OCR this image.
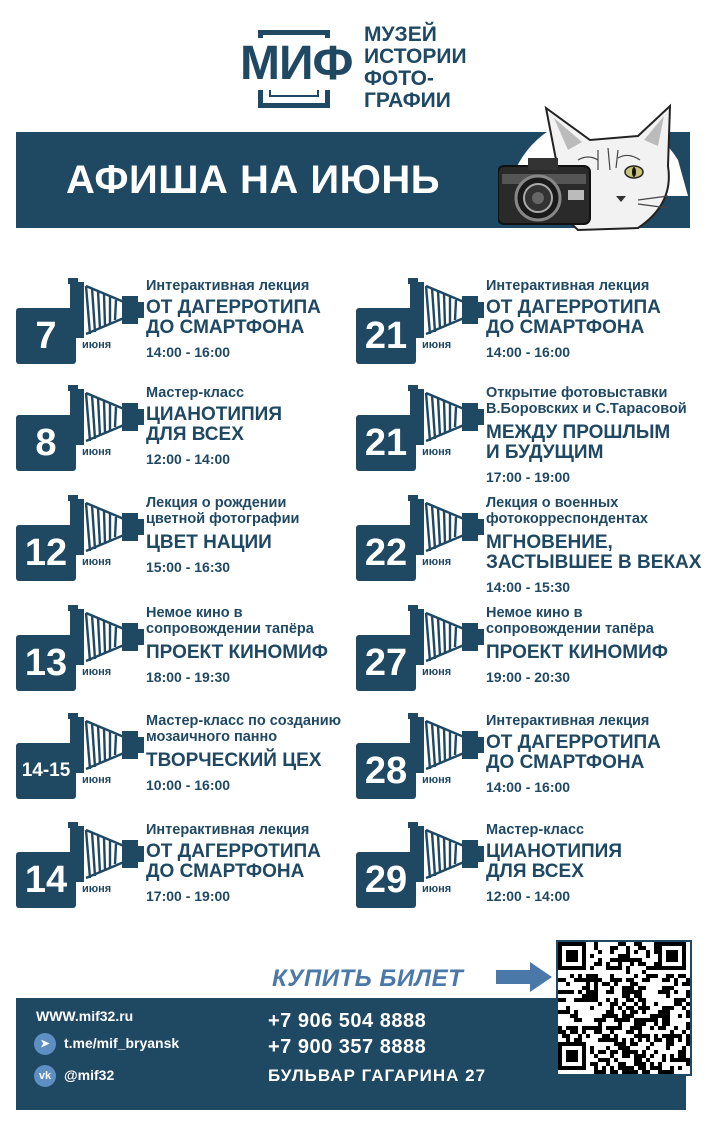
МИФ
МУЗЕЙ
ИСТОРИИ
ФОТО-
ГРАФИИ
АФИША НА ИЮНЬ
КУПИТЬ БИЛЕТ
WWW.mif32.ru
➤ t.me/mif_bryansk
vk @mif32
+7 906 504 8888
+7 900 357 8888
БУЛЬВАР ГАГАРИНА 27
7	июня
Интерактивная лекция
ОТ ДАГЕРРОТИПА
ДО СМАРТФОНА
14:00 - 16:00
8	июня
Мастер-класс
ЦИАНОТИПИЯ
ДЛЯ ВСЕХ
12:00 - 14:00
12	июня
Лекция о рождении
цветной фотографии
ЦВЕТ НАЦИИ
15:00 - 16:30
13	июня
Немое кино в
сопровождении тапёра
ПРОЕКТ КИНОМИФ
18:00 - 19:30
14-15	июня
Мастер-класс по созданию
мозаичного панно
ТВОРЧЕСКИЙ ЦЕХ
10:00 - 16:00
14	июня
Интерактивная лекция
ОТ ДАГЕРРОТИПА
ДО СМАРТФОНА
17:00 - 19:00
21	июня
Интерактивная лекция
ОТ ДАГЕРРОТИПА
ДО СМАРТФОНА
14:00 - 16:00
21	июня
Открытие фотовыставки
В.Боровских и С.Тарасовой
МЕЖДУ ПРОШЛЫМ
И БУДУЩИМ
17:00 - 19:00
22	июня
Лекция о военных
фотокорреспондентах
МГНОВЕНИЕ,
ЗАСТЫВШЕЕ В ВЕКАХ
14:00 - 15:30
27	июня
Немое кино в
сопровождении тапёра
ПРОЕКТ КИНОМИФ
19:00 - 20:30
28	июня
Интерактивная лекция
ОТ ДАГЕРРОТИПА
ДО СМАРТФОНА
14:00 - 16:00
29	июня
Мастер-класс
ЦИАНОТИПИЯ
ДЛЯ ВСЕХ
12:00 - 14:00
